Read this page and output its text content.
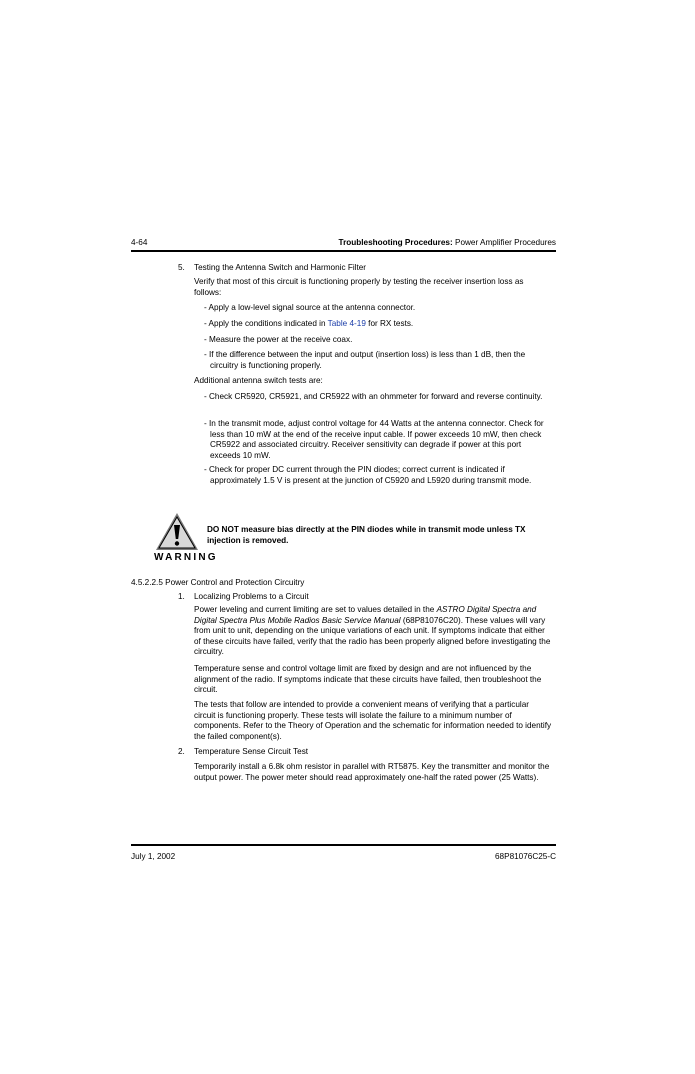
4-64	Troubleshooting Procedures: Power Amplifier Procedures
5. Testing the Antenna Switch and Harmonic Filter
Verify that most of this circuit is functioning properly by testing the receiver insertion loss as follows:
- Apply a low-level signal source at the antenna connector.
- Apply the conditions indicated in Table 4-19 for RX tests.
- Measure the power at the receive coax.
- If the difference between the input and output (insertion loss) is less than 1 dB, then the circuitry is functioning properly.
Additional antenna switch tests are:
- Check CR5920, CR5921, and CR5922 with an ohmmeter for forward and reverse continuity.
- In the transmit mode, adjust control voltage for 44 Watts at the antenna connector. Check for less than 10 mW at the end of the receive input cable. If power exceeds 10 mW, then check CR5922 and associated circuitry. Receiver sensitivity can degrade if power at this port exceeds 10 mW.
- Check for proper DC current through the PIN diodes; correct current is indicated if approximately 1.5 V is present at the junction of C5920 and L5920 during transmit mode.
WARNING
DO NOT measure bias directly at the PIN diodes while in transmit mode unless TX injection is removed.
4.5.2.2.5 Power Control and Protection Circuitry
1. Localizing Problems to a Circuit
Power leveling and current limiting are set to values detailed in the ASTRO Digital Spectra and Digital Spectra Plus Mobile Radios Basic Service Manual (68P81076C20). These values will vary from unit to unit, depending on the unique variations of each unit. If symptoms indicate that either of these circuits have failed, verify that the radio has been properly aligned before investigating the circuitry.
Temperature sense and control voltage limit are fixed by design and are not influenced by the alignment of the radio. If symptoms indicate that these circuits have failed, then troubleshoot the circuit.
The tests that follow are intended to provide a convenient means of verifying that a particular circuit is functioning properly. These tests will isolate the failure to a minimum number of components. Refer to the Theory of Operation and the schematic for information needed to identify the failed component(s).
2. Temperature Sense Circuit Test
Temporarily install a 6.8k ohm resistor in parallel with RT5875. Key the transmitter and monitor the output power. The power meter should read approximately one-half the rated power (25 Watts).
July 1, 2002	68P81076C25-C
